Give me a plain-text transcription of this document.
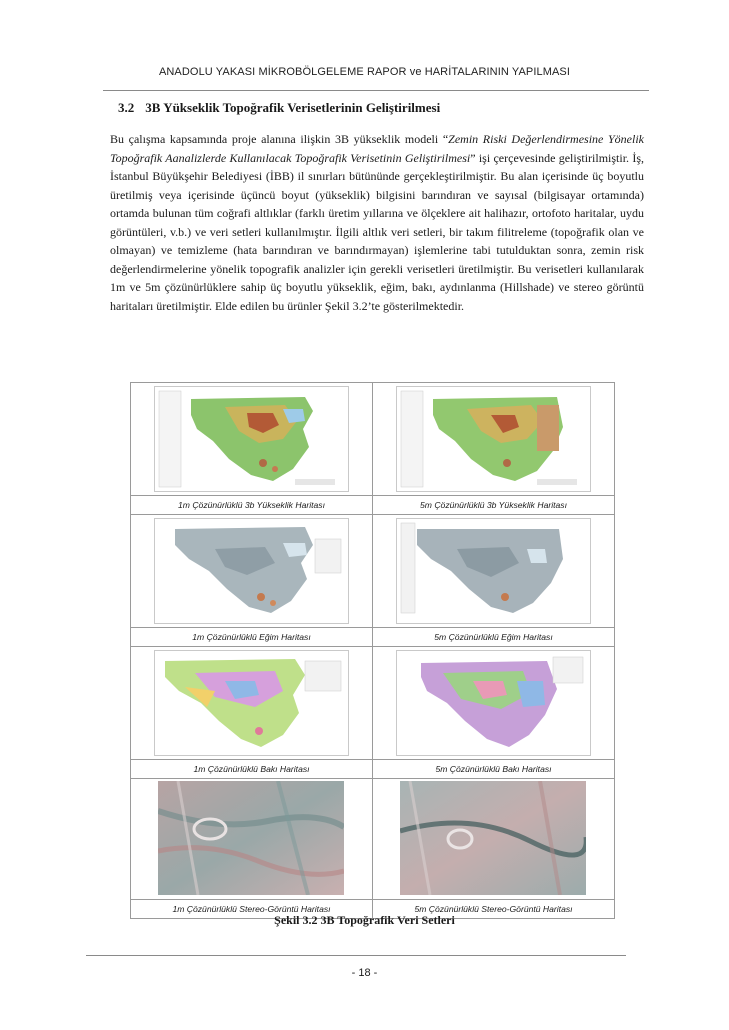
ANADOLU YAKASI MİKROBÖLGELEME RAPOR ve HARİTALARININ YAPILMASI
3.2 3B Yükseklik Topoğrafik Verisetlerinin Geliştirilmesi
Bu çalışma kapsamında proje alanına ilişkin 3B yükseklik modeli “Zemin Riski Değerlendirmesine Yönelik Topoğrafik Aanalizlerde Kullanılacak Topoğrafik Verisetinin Geliştirilmesi” işi çerçevesinde geliştirilmiştir. İş, İstanbul Büyükşehir Belediyesi (İBB) il sınırları bütününde gerçekleştirilmiştir. Bu alan içerisinde üç boyutlu üretilmiş veya içerisinde üçüncü boyut (yükseklik) bilgisini barındıran ve sayısal (bilgisayar ortamında) ortamda bulunan tüm coğrafi altlıklar (farklı üretim yıllarına ve ölçeklere ait halihazır, ortofoto haritalar, uydu görüntüleri, v.b.) ve veri setleri kullanılmıştır. İlgili altlık veri setleri, bir takım filitreleme (topoğrafik olan ve olmayan) ve temizleme (hata barındıran ve barındırmayan) işlemlerine tabi tutulduktan sonra, zemin risk değerlendirmelerine yönelik topografik analizler için gerekli verisetleri üretilmiştir. Bu verisetleri kullanılarak 1m ve 5m çözünürlüklere sahip üç boyutlu yükseklik, eğim, bakı, aydınlanma (Hillshade) ve stereo görüntü haritaları üretilmiştir. Elde edilen bu ürünler Şekil 3.2’te gösterilmektedir.

1m Çözünürlüklü 3b Yükseklik Haritası	5m Çözünürlüklü 3b Yükseklik Haritası

1m Çözünürlüklü Eğim Haritası	5m Çözünürlüklü Eğim Haritası

1m Çözünürlüklü Bakı Haritası	5m Çözünürlüklü Bakı Haritası

1m Çözünürlüklü Stereo-Görüntü Haritası	5m Çözünürlüklü Stereo-Görüntü Haritası
Şekil 3.2 3B Topoğrafik Veri Setleri
- 18 -
